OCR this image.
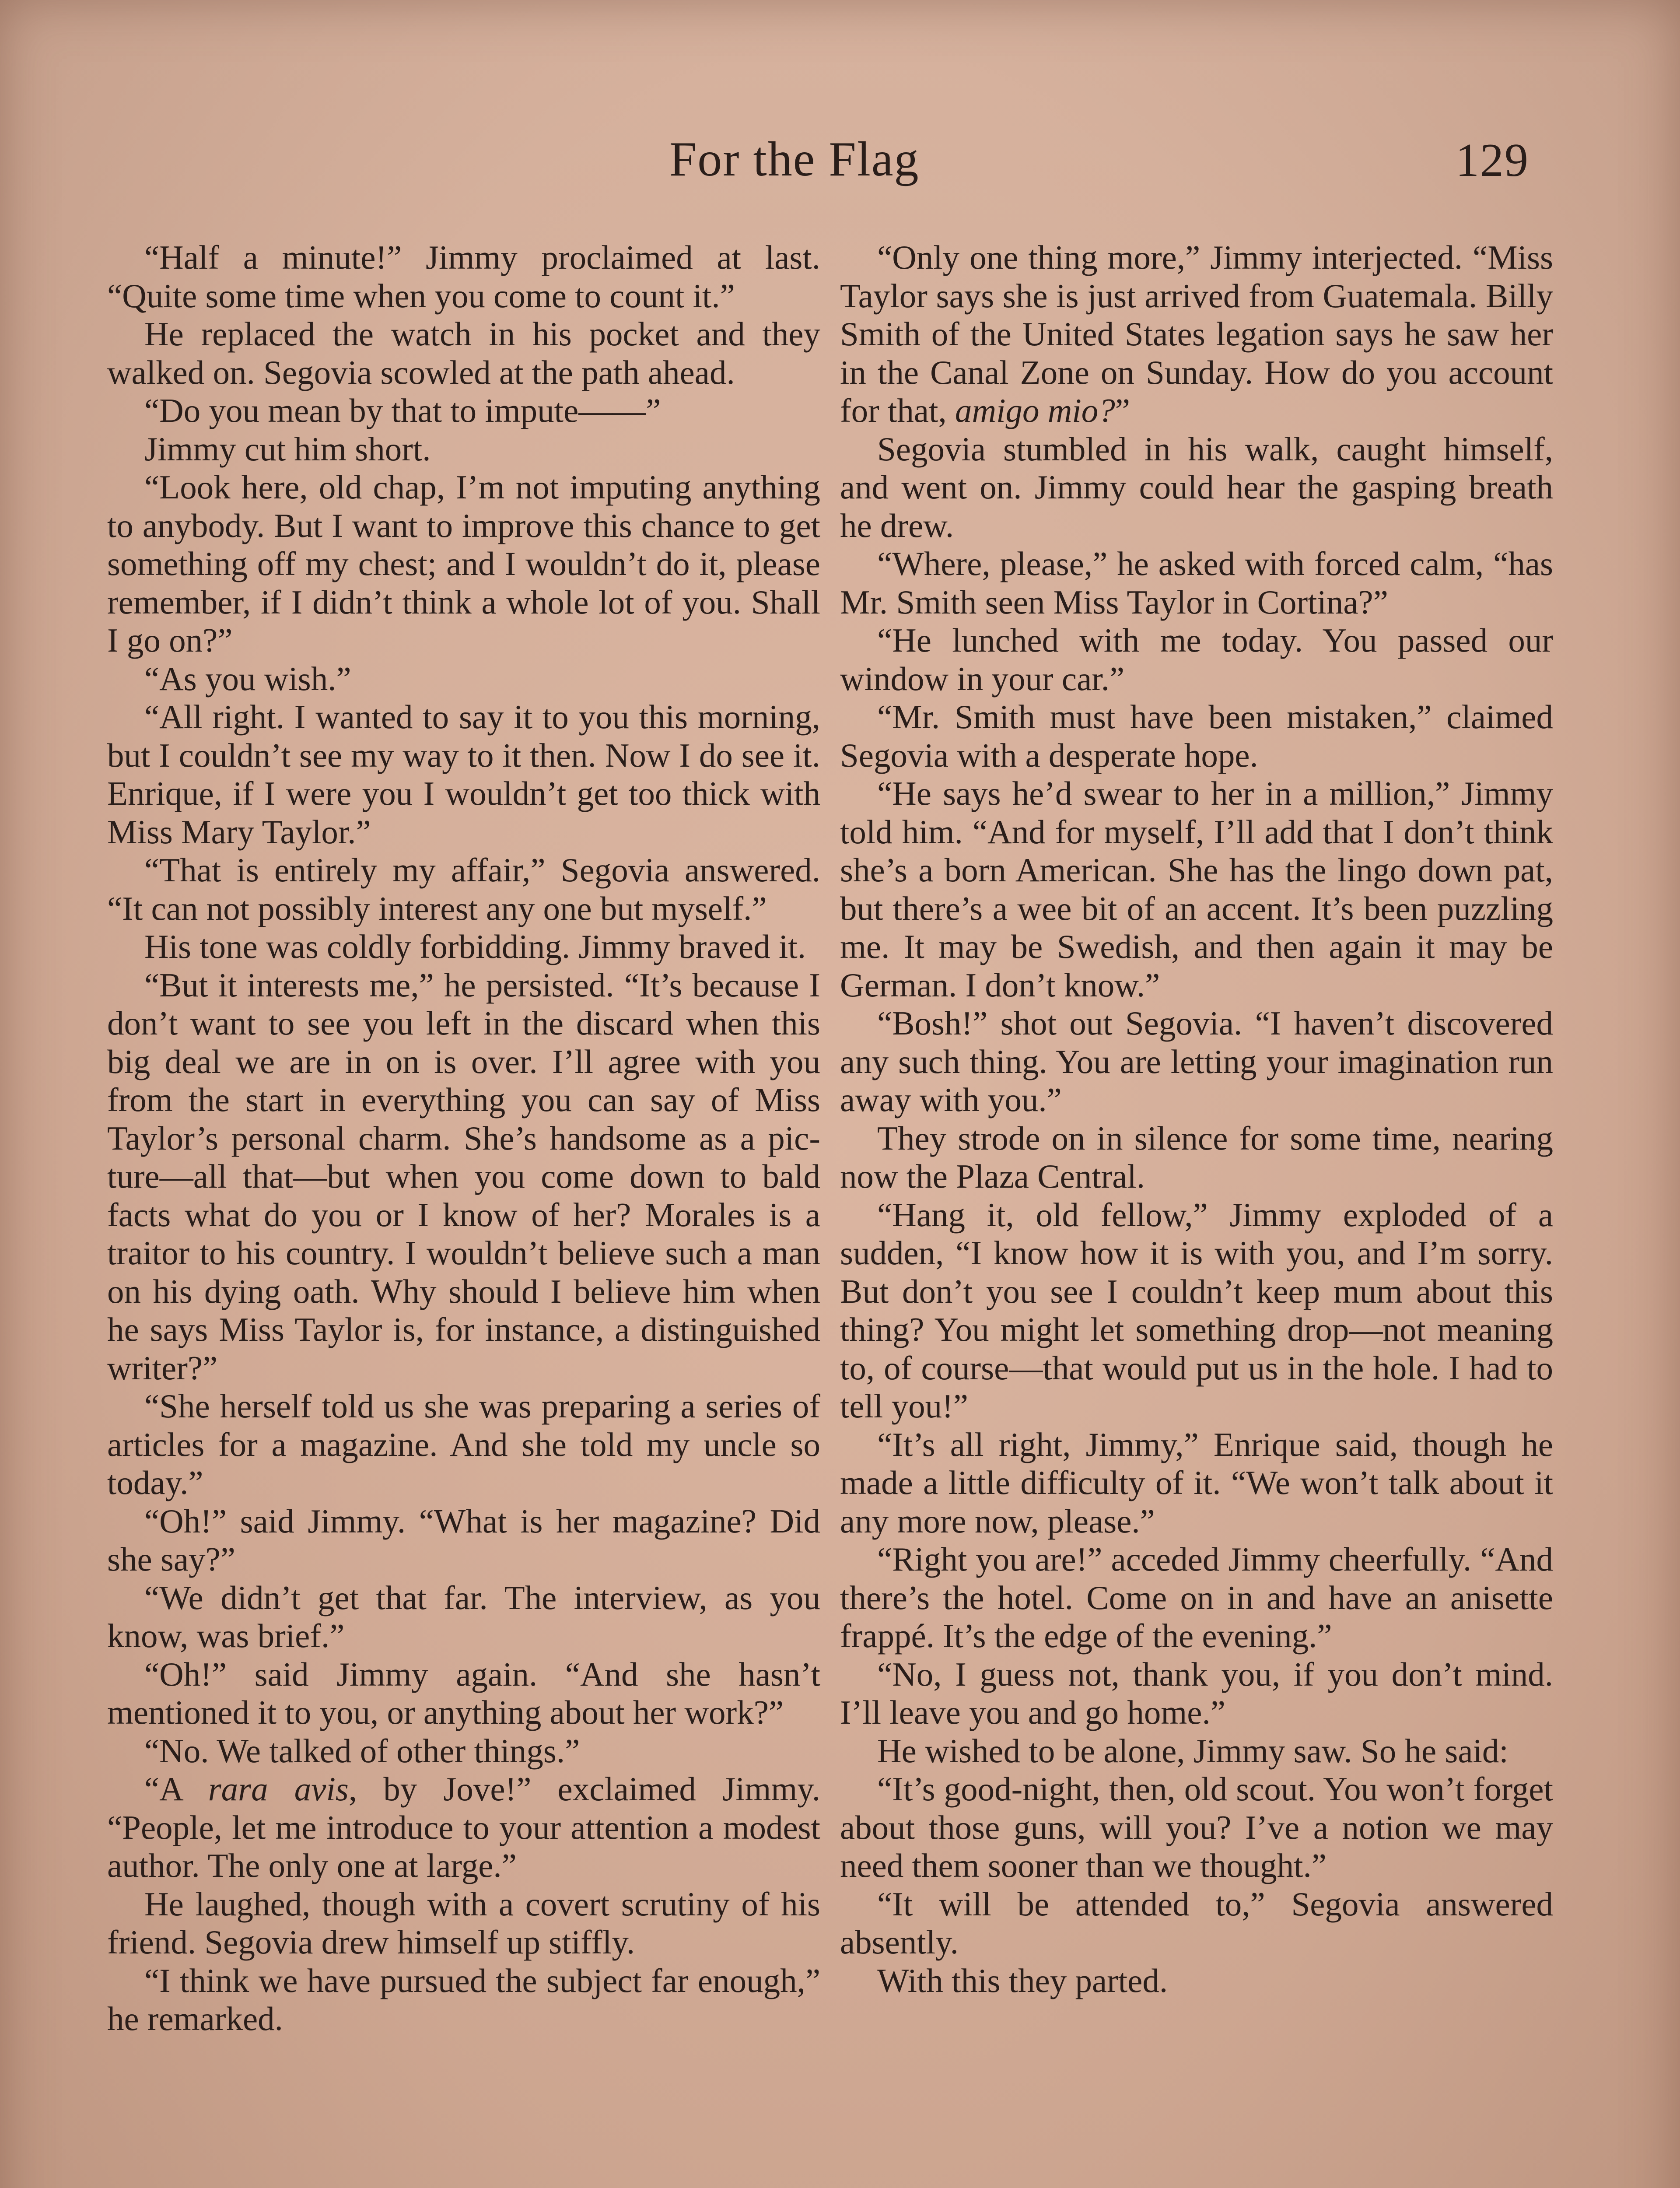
For the Flag	129

“Half a minute!” Jimmy proclaimed at last. “Quite some time when you come to count it.”

He replaced the watch in his pocket and they walked on. Segovia scowled at the path ahead.

“Do you mean by that to impute——”

Jimmy cut him short.

“Look here, old chap, I’m not imputing anything to anybody. But I want to improve this chance to get something off my chest; and I wouldn’t do it, please remember, if I didn’t think a whole lot of you. Shall I go on?”

“As you wish.”

“All right. I wanted to say it to you this morning, but I couldn’t see my way to it then. Now I do see it. Enrique, if I were you I wouldn’t get too thick with Miss Mary Taylor.”

“That is entirely my affair,” Segovia answered. “It can not possibly interest any one but myself.”

His tone was coldly forbidding. Jimmy braved it.

“But it interests me,” he persisted. “It’s because I don’t want to see you left in the discard when this big deal we are in on is over. I’ll agree with you from the start in everything you can say of Miss Taylor’s personal charm. She’s handsome as a picture—all that—but when you come down to bald facts what do you or I know of her? Morales is a traitor to his country. I wouldn’t believe such a man on his dying oath. Why should I believe him when he says Miss Taylor is, for instance, a distinguished writer?”

“She herself told us she was preparing a series of articles for a magazine. And she told my uncle so today.”

“Oh!” said Jimmy. “What is her magazine? Did she say?”

“We didn’t get that far. The interview, as you know, was brief.”

“Oh!” said Jimmy again. “And she hasn’t mentioned it to you, or anything about her work?”

“No. We talked of other things.”

“A rara avis, by Jove!” exclaimed Jimmy. “People, let me introduce to your attention a modest author. The only one at large.”

He laughed, though with a covert scrutiny of his friend. Segovia drew himself up stiffly.

“I think we have pursued the subject far enough,” he remarked.

“Only one thing more,” Jimmy interjected. “Miss Taylor says she is just arrived from Guatemala. Billy Smith of the United States legation says he saw her in the Canal Zone on Sunday. How do you account for that, amigo mio?”

Segovia stumbled in his walk, caught himself, and went on. Jimmy could hear the gasping breath he drew.

“Where, please,” he asked with forced calm, “has Mr. Smith seen Miss Taylor in Cortina?”

“He lunched with me today. You passed our window in your car.”

“Mr. Smith must have been mistaken,” claimed Segovia with a desperate hope.

“He says he’d swear to her in a million,” Jimmy told him. “And for myself, I’ll add that I don’t think she’s a born American. She has the lingo down pat, but there’s a wee bit of an accent. It’s been puzzling me. It may be Swedish, and then again it may be German. I don’t know.”

“Bosh!” shot out Segovia. “I haven’t discovered any such thing. You are letting your imagination run away with you.”

They strode on in silence for some time, nearing now the Plaza Central.

“Hang it, old fellow,” Jimmy exploded of a sudden, “I know how it is with you, and I’m sorry. But don’t you see I couldn’t keep mum about this thing? You might let something drop—not meaning to, of course—that would put us in the hole. I had to tell you!”

“It’s all right, Jimmy,” Enrique said, though he made a little difficulty of it. “We won’t talk about it any more now, please.”

“Right you are!” acceded Jimmy cheerfully. “And there’s the hotel. Come on in and have an anisette frappé. It’s the edge of the evening.”

“No, I guess not, thank you, if you don’t mind. I’ll leave you and go home.”

He wished to be alone, Jimmy saw. So he said:

“It’s good-night, then, old scout. You won’t forget about those guns, will you? I’ve a notion we may need them sooner than we thought.”

“It will be attended to,” Segovia answered absently.

With this they parted.
